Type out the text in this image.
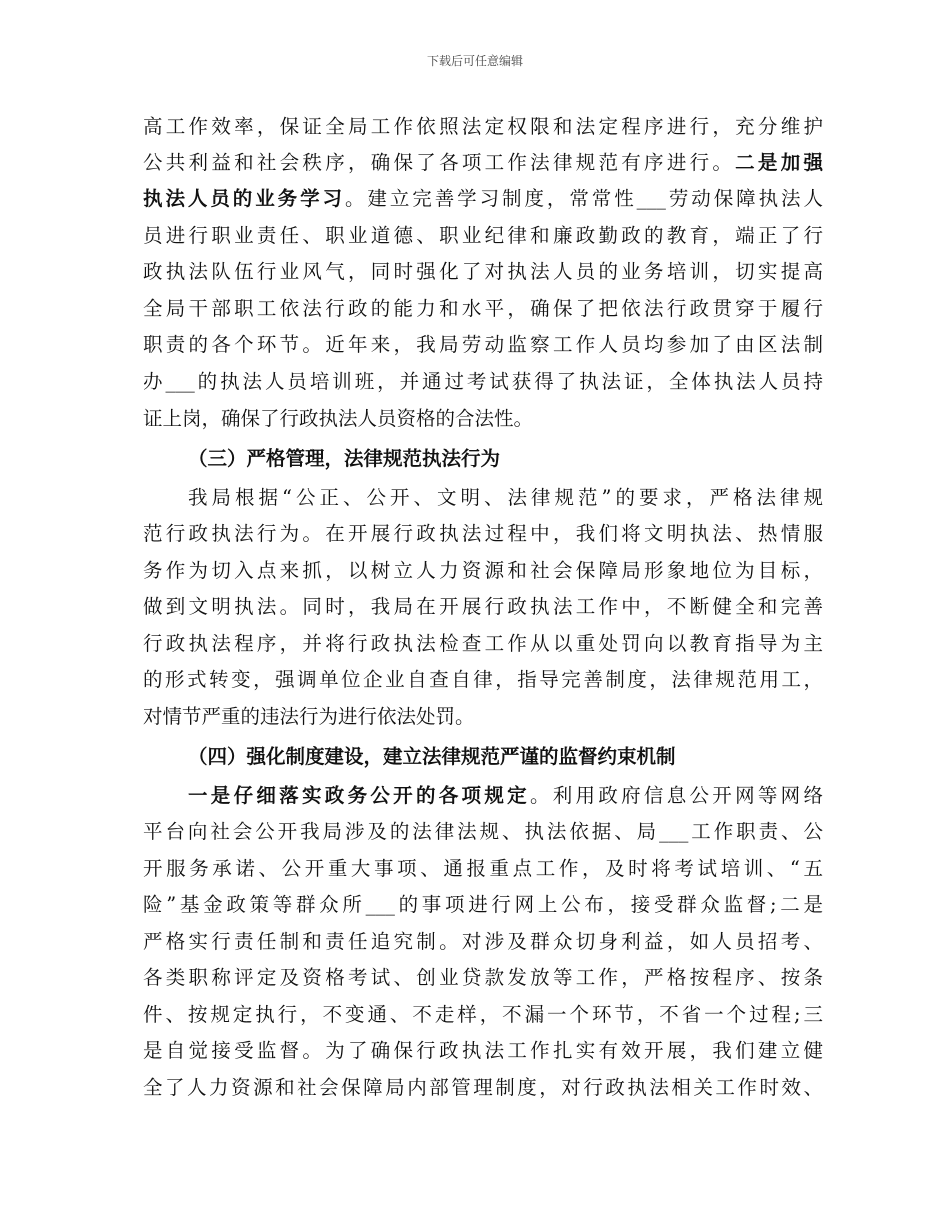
下载后可任意编辑
高工作效率，保证全局工作依照法定权限和法定程序进行，充分维护
公共利益和社会秩序，确保了各项工作法律规范有序进行。二是加强
执法人员的业务学习。建立完善学习制度，常常性___劳动保障执法人
员进行职业责任、职业道德、职业纪律和廉政勤政的教育，端正了行
政执法队伍行业风气，同时强化了对执法人员的业务培训，切实提高
全局干部职工依法行政的能力和水平，确保了把依法行政贯穿于履行
职责的各个环节。近年来，我局劳动监察工作人员均参加了由区法制
办___的执法人员培训班，并通过考试获得了执法证，全体执法人员持
证上岗，确保了行政执法人员资格的合法性。
（三）严格管理，法律规范执法行为
我局根据“公正、公开、文明、法律规范”的要求，严格法律规
范行政执法行为。在开展行政执法过程中，我们将文明执法、热情服
务作为切入点来抓，以树立人力资源和社会保障局形象地位为目标，
做到文明执法。同时，我局在开展行政执法工作中，不断健全和完善
行政执法程序，并将行政执法检查工作从以重处罚向以教育指导为主
的形式转变，强调单位企业自查自律，指导完善制度，法律规范用工，
对情节严重的违法行为进行依法处罚。
（四）强化制度建设，建立法律规范严谨的监督约束机制
一是仔细落实政务公开的各项规定。利用政府信息公开网等网络
平台向社会公开我局涉及的法律法规、执法依据、局___工作职责、公
开服务承诺、公开重大事项、通报重点工作，及时将考试培训、“五
险”基金政策等群众所___的事项进行网上公布，接受群众监督;二是
严格实行责任制和责任追究制。对涉及群众切身利益，如人员招考、
各类职称评定及资格考试、创业贷款发放等工作，严格按程序、按条
件、按规定执行，不变通、不走样，不漏一个环节，不省一个过程;三
是自觉接受监督。为了确保行政执法工作扎实有效开展，我们建立健
全了人力资源和社会保障局内部管理制度，对行政执法相关工作时效、
